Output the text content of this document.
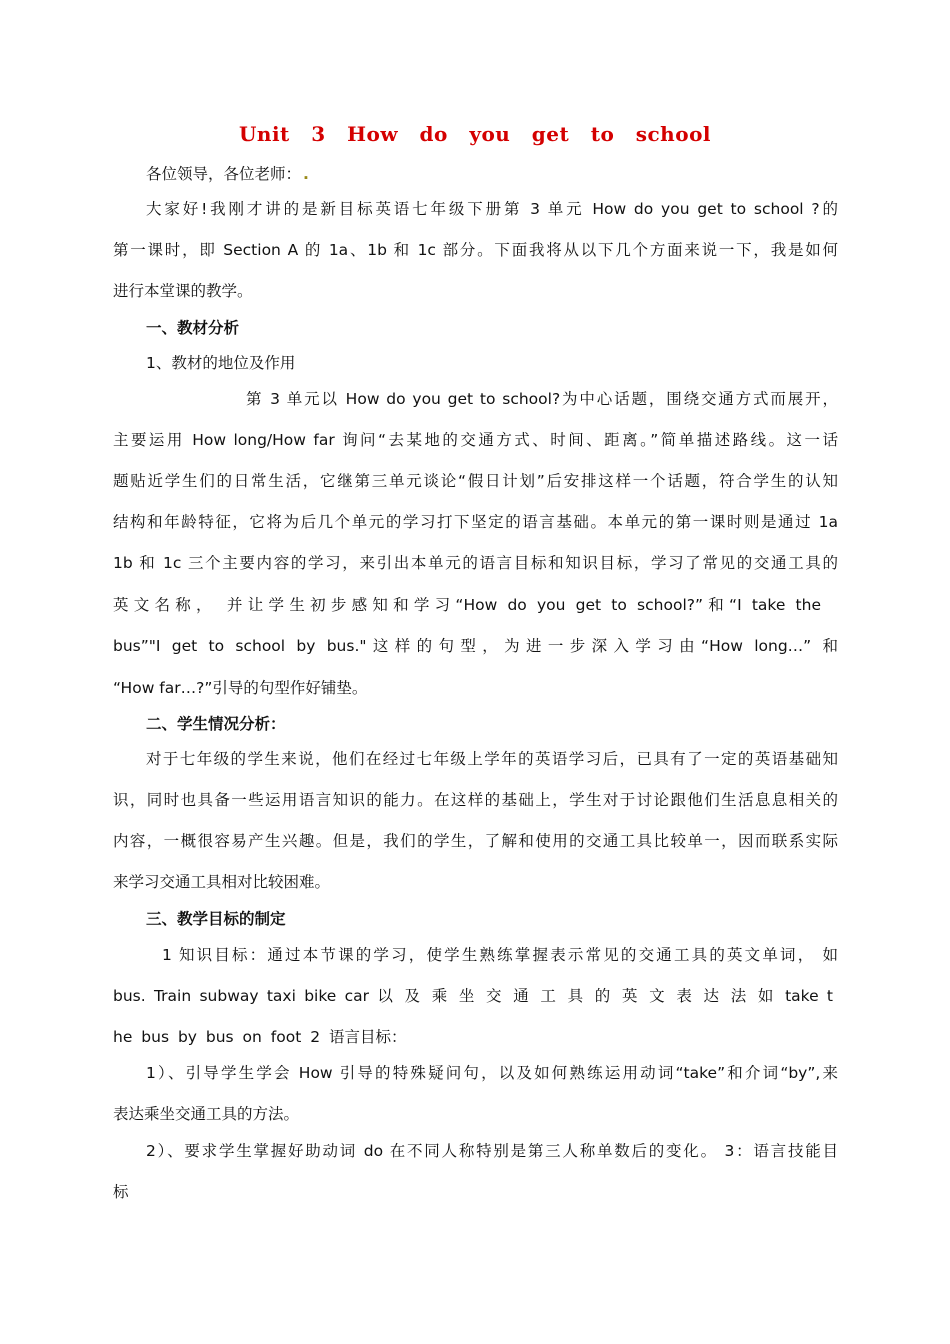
Unit 3 How do you get to school
各位领导，各位老师： .
大家好!我刚才讲的是新目标英语七年级下册第 3 单元 How do you get to school ?的
第一课时，即 Section A 的 1a、1b 和 1c 部分。下面我将从以下几个方面来说一下，我是如何
进行本堂课的教学。
一、教材分析
1、教材的地位及作用
第 3 单元以 How do you get to school?为中心话题，围绕交通方式而展开，
主要运用 How long/How far 询问“去某地的交通方式、时间、距离。”简单描述路线。这一话
题贴近学生们的日常生活，它继第三单元谈论“假日计划”后安排这样一个话题，符合学生的认知
结构和年龄特征，它将为后几个单元的学习打下坚定的语言基础。本单元的第一课时则是通过 1a
1b 和 1c 三个主要内容的学习，来引出本单元的语言目标和知识目标，学习了常见的交通工具的
英文名称， 并让学生初步感知和学习“How do you get to school?”和“I take the
bus”"I get to school by bus."这样的句型，为进一步深入学习由“How long…” 和
“How far…?”引导的句型作好铺垫。
二、学生情况分析：
对于七年级的学生来说，他们在经过七年级上学年的英语学习后，已具有了一定的英语基础知
识，同时也具备一些运用语言知识的能力。在这样的基础上，学生对于讨论跟他们生活息息相关的
内容，一概很容易产生兴趣。但是，我们的学生，了解和使用的交通工具比较单一，因而联系实际
来学习交通工具相对比较困难。
三、教学目标的制定
1 知识目标：通过本节课的学习，使学生熟练掌握表示常见的交通工具的英文单词， 如
bus. Train subway taxi bike car 以 及 乘 坐 交 通 工 具 的 英 文 表 达 法 如 take t
he bus by bus on foot 2 语言目标：
1）、引导学生学会 How 引导的特殊疑问句，以及如何熟练运用动词“take”和介词“by”,来
表达乘坐交通工具的方法。
2）、要求学生掌握好助动词 do 在不同人称特别是第三人称单数后的变化。 3：语言技能目
标
